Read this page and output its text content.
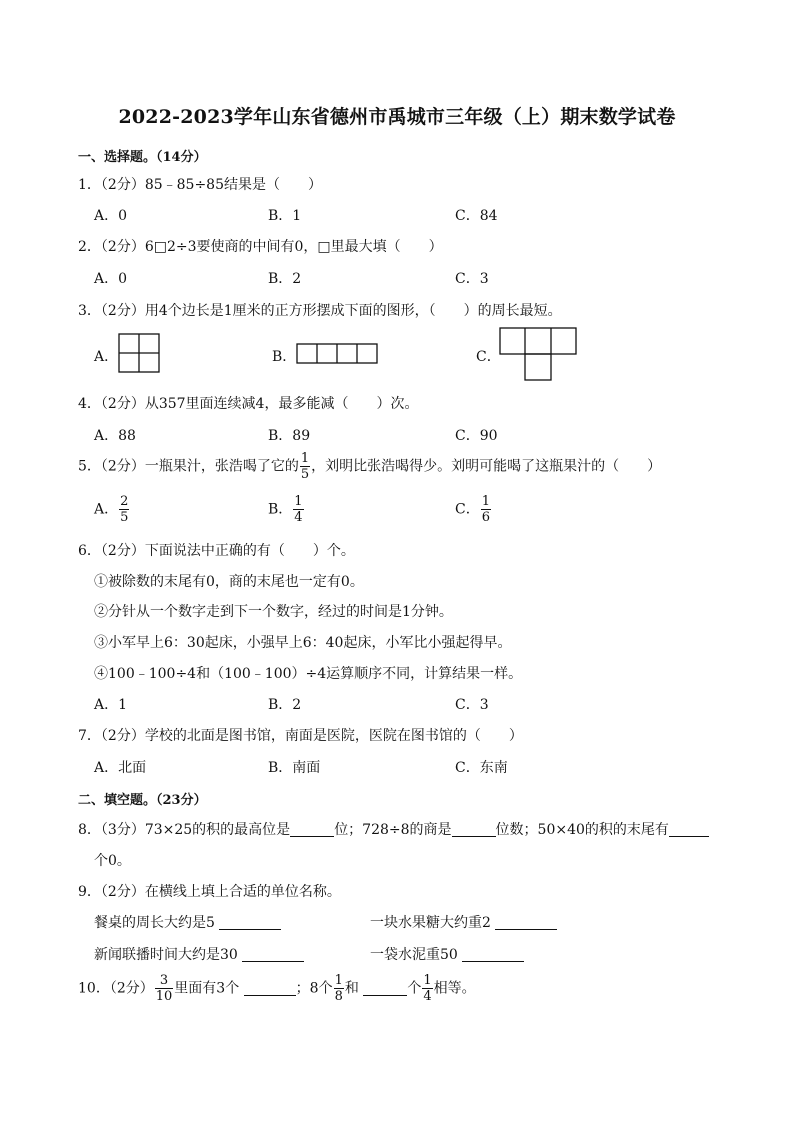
2022-2023学年山东省德州市禹城市三年级（上）期末数学试卷
一、选择题。（14分）
1．（2分）85﹣85÷85结果是（　　）
A．0	B．1	C．84
2．（2分）6□2÷3要使商的中间有0，□里最大填（　　）
A．0	B．2	C．3
3．（2分）用4个边长是1厘米的正方形摆成下面的图形，（　　）的周长最短。
A．	B．	C．
4．（2分）从357里面连续减4，最多能减（　　）次。
A．88	B．89	C．90
5．（2分）一瓶果汁，张浩喝了它的 $\frac{1}{5}$ ，刘明比张浩喝得少。刘明可能喝了这瓶果汁的（　　）
A． $\frac{2}{5}$	B． $\frac{1}{4}$	C． $\frac{1}{6}$
6．（2分）下面说法中正确的有（　　）个。
①被除数的末尾有0，商的末尾也一定有0。
②分针从一个数字走到下一个数字，经过的时间是1分钟。
③小军早上6：30起床，小强早上6：40起床，小军比小强起得早。
④100﹣100÷4和（100﹣100）÷4运算顺序不同，计算结果一样。
A．1	B．2	C．3
7．（2分）学校的北面是图书馆，南面是医院，医院在图书馆的（　　）
A．北面	B．南面	C．东南
二、填空题。（23分）
8．（3分）73×25的积的最高位是	位；728÷8的商是	位数；50×40的积的末尾有
个0。
9．（2分）在横线上填上合适的单位名称。
餐桌的周长大约是5	一块水果糖大约重2
新闻联播时间大约是30	一袋水泥重50
10．（2分） $\frac{3}{10}$ 里面有3个	；8个 $\frac{1}{8}$ 和	个 $\frac{1}{4}$ 相等。
